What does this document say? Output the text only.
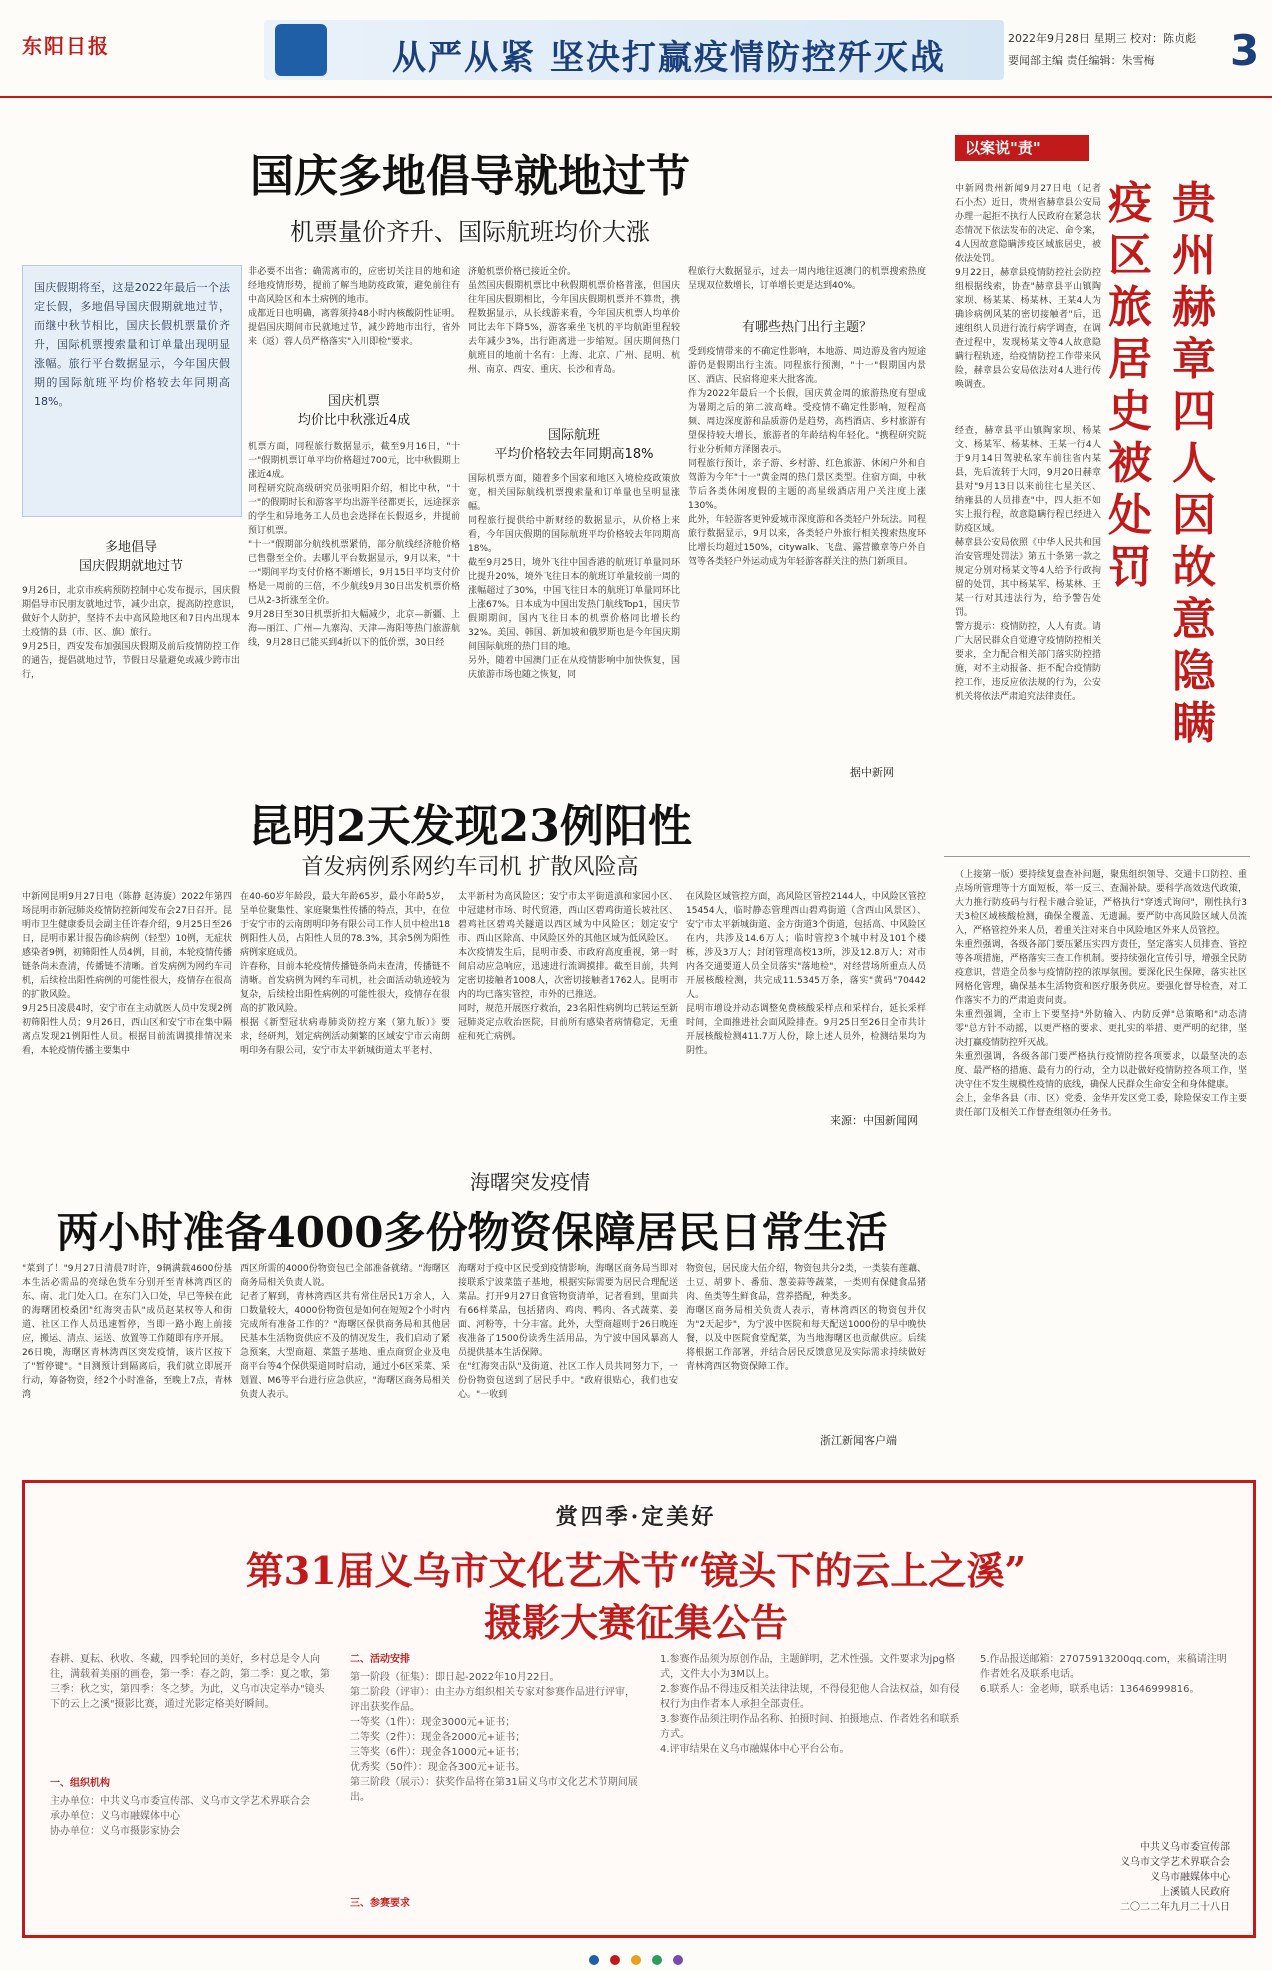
东阳日报	从严从紧 坚决打赢疫情防控歼灭战	2022年9月28日 星期三 校对：陈贞彪
要闻部主编 责任编辑：朱雪梅 3
国庆多地倡导就地过节
机票量价齐升、国际航班均价大涨
国庆假期将至，这是2022年最后一个法定长假，多地倡导国庆假期就地过节，而继中秋节相比，国庆长假机票量价齐升，国际机票搜索量和订单量出现明显涨幅。旅行平台数据显示，今年国庆假期的国际航班平均价格较去年同期高18%。
多地倡导
国庆假期就地过节
9月26日，北京市疾病预防控制中心发布提示，国庆假期倡导市民朋友就地过节，减少出京，提高防控意识，做好个人防护，坚持不去中高风险地区和7日内出现本土疫情的县（市、区、旗）旅行。
9月25日，西安发布加强国庆假期及前后疫情防控工作的通告，提倡就地过节，节假日尽量避免或减少跨市出行，
非必要不出省；确需离市的，应密切关注目的地和途经地疫情形势，提前了解当地防疫政策，避免前往有中高风险区和本土病例的地市。
成都近日也明确，离蓉须持48小时内核酸阴性证明。提倡国庆期间市民就地过节，减少跨地市出行，省外来（返）蓉人员严格落实"入川即检"要求。
国庆机票
均价比中秋涨近4成
机票方面，同程旅行数据显示，截至9月16日，"十一"假期机票订单平均价格超过700元，比中秋假期上涨近4成。
同程研究院高级研究员张明阳介绍，相比中秋，"十一"的假期时长和游客平均出游半径都更长，远途探亲的学生和异地务工人员也会选择在长假返乡，并提前预订机票。
"十一"假期部分航线机票紧俏，部分航线经济舱价格已售罄至全价。去哪儿平台数据显示，9月以来，"十一"期间平均支付价格不断增长，9月15日平均支付价格是一周前的三倍，不少航线9月30日出发机票价格已从2-3折涨至全价。
9月28日至30日机票折扣大幅减少，北京—新疆、上海—丽江、广州—九寨沟、天津—海阳等热门旅游航线，9月28日已能买到4折以下的低价票，30日经
济舱机票价格已接近全价。
虽然国庆假期机票比中秋假期机票价格普涨，但国庆往年国庆假期相比，今年国庆假期机票并不算贵，携程数据显示，从长线游来看，今年国庆机票人均单价同比去年下降5%，游客乘坐飞机的平均航距里程较去年减少3%，出行距离进一步缩短。国庆期间热门航班目的地前十名有：上海、北京、广州、昆明、杭州、南京、西安、重庆、长沙和青岛。
国际航班
平均价格较去年同期高18%
国际机票方面，随着多个国家和地区入境检疫政策放宽，相关国际航线机票搜索量和订单量也呈明显涨幅。
同程旅行提供给中新财经的数据显示，从价格上来看，今年国庆假期的国际航班平均价格较去年同期高18%。
截至9月25日，境外飞往中国香港的航班订单量同环比提升20%，境外飞往日本的航班订单量较前一周的涨幅超过了30%，中国飞往日本的航班订单量同环比上涨67%。日本成为中国出发热门航线Top1，国庆节假期期间，国内飞往日本的机票价格同比增长约32%。美国、韩国、新加坡和俄罗斯也是今年国庆期间国际航班的热门目的地。
另外，随着中国澳门正在从疫情影响中加快恢复，国庆旅游市场也随之恢复，同
程旅行大数据显示，过去一周内地往返澳门的机票搜索热度呈现双位数增长，订单增长更是达到40%。
有哪些热门出行主题？
受到疫情带来的不确定性影响，本地游、周边游及省内短途游仍是假期出行主流。同程旅行预测，"十一"假期国内景区、酒店、民宿将迎来大批客流。
作为2022年最后一个长假，国庆黄金周的旅游热度有望成为暑期之后的第二波高峰。受疫情不确定性影响，短程高频、周边深度游和品质游仍是趋势，高档酒店、乡村旅游有望保持较大增长，旅游者的年龄结构年轻化。"携程研究院行业分析师方泽图表示。
同程旅行预计，亲子游、乡村游、红色旅游、休闲户外和自驾游为今年"十一"黄金周的热门景区类型。住宿方面，中秋节后各类休闲度假的主题的高星级酒店用户关注度上涨130%。
此外，年轻游客更钟爱城市深度游和各类轻户外玩法。同程旅行数据显示，9月以来，各类轻户外旅行相关搜索热度环比增长均超过150%，citywalk、飞盘、露营徽章等户外自驾等各类轻户外运动成为年轻游客群关注的热门新项目。
据中新网
以案说"责"
贵州赫章四人因故意隐瞒
疫区旅居史被处罚
中新网贵州新闻9月27日电（记者 石小杰）近日，贵州省赫章县公安局办理一起拒不执行人民政府在紧急状态情况下依法发布的决定、命令案，4人因故意隐瞒涉疫区域旅居史，被依法处罚。
9月22日，赫章县疫情防控社会防控组根据线索，协查"赫章县平山镇陶家坝、杨某某、杨某林、王某4人为确诊病例风某的密切接触者"后，迅速组织人员进行流行病学调查，在调查过程中，发现杨某文等4人故意隐瞒行程轨迹，给疫情防控工作带来风险，赫章县公安局依法对4人进行传唤调查。
经查，赫章县平山镇陶家坝、杨某文、杨某军、杨某林、王某一行4人于9月14日驾驶私家车前往省内某县，先后流转于大同，9月20日赫章县对"9月13日以来前往七星关区、纳雍县的人员排查"中，四人拒不如实上报行程，故意隐瞒行程已经进入防疫区域。
赫章县公安局依照《中华人民共和国治安管理处罚法》第五十条第一款之规定分别对杨某文等4人给予行政拘留的处罚，其中杨某军、杨某林、王某一行对其违法行为，给予警告处罚。
警方提示：疫情防控，人人有责。请广大居民群众自觉遵守疫情防控相关要求，全力配合相关部门落实防控措施，对不主动报备、拒不配合疫情防控工作，违反应依法规的行为，公安机关将依法严肃追究法律责任。
昆明2天发现23例阳性
首发病例系网约车司机 扩散风险高
中新网昆明9月27日电（陈静 赵涛旋）2022年第四场昆明市新冠肺炎疫情防控新闻发布会27日召开。昆明市卫生健康委员会副主任许春介绍，9月25日至26日，昆明市累计报告确诊病例（轻型）10例，无症状感染者9例，初筛阳性人员4例，目前，本轮疫情传播链条尚未查清，传播链不清晰。首发病例为网约车司机，后续检出阳性病例的可能性很大，疫情存在很高的扩散风险。
9月25日凌晨4时，安宁市在主动就医人员中发现2例初筛阳性人员；9月26日，西山区和安宁市在集中隔离点发现21例阳性人员。根据目前流调摸排情况来看，本轮疫情传播主要集中
在40-60岁年龄段，最大年龄65岁，最小年龄5岁，呈单位聚集性、家庭聚集性传播的特点，其中，在位于安宁市的云南朗明印务有限公司工作人员中检出18例阳性人员，占阳性人员的78.3%，其余5例为阳性病例家庭成员。
许春称，目前本轮疫情传播链条尚未查清，传播链不清晰。首发病例为网约车司机，社会面活动轨迹较为复杂，后续检出阳性病例的可能性很大，疫情存在很高的扩散风险。
根据《新型冠状病毒肺炎防控方案（第九版）》要求，经研判，划定病例活动频繁的区域安宁市云南朗明印务有限公司，安宁市太平新城街道太平老村、
太平新村为高风险区；安宁市太平街道滇和家园小区、中冠建材市场、时代贸港，西山区碧鸡街道长坡社区、碧鸡社区碧鸡关隧道以西区域为中风险区；划定安宁市、西山区除高、中风险区外的其他区域为低风险区。
本次疫情发生后，昆明市委、市政府高度重视，第一时间启动应急响应，迅速进行流调摸排。截至目前，共判定密切接触者1008人，次密切接触者1762人。昆明市内的均已落实管控，市外的已推送。
同时，规范开展医疗救治，23名阳性病例均已转运至新冠肺炎定点收治医院，目前所有感染者病情稳定，无重症和死亡病例。
在风险区域管控方面，高风险区管控2144人，中风险区管控15454人，临时静态管理西山碧鸡街道（含西山风景区）、安宁市太平新城街道、金方街道3个街道，包括高、中风险区在内，共涉及14.6万人；临时管控3个城中村及101个楼栋，涉及3万人；封闭管理高校13所，涉及12.8万人；对市内各交通要道人员全员落实"落地检"，对经营场所重点人员开展核酸检测，共完成11.5345万条，落实"黄码"70442人。
昆明市增设并动态调整免费核酸采样点和采样台，延长采样时间，全面推进社会面风险排查。9月25日至26日全市共计开展核酸检测411.7万人份，除上述人员外，检测结果均为阴性。
来源：中国新闻网
海曙突发疫情
两小时准备4000多份物资保障居民日常生活
"菜到了！"9月27日清晨7时许，9辆满载4600份基本生活必需品的亮绿色货车分别开至青林湾西区的东、南、北门处入口。在东门入口处，早已等候在此的海曙团校桑团"红海突击队"成员赵某权等人和街道、社区工作人员迅速暂停，当即一路小跑上前接应，搬运、清点、运送、放置等工作随即有序开展。
26日晚，海曙区青林湾西区突发疫情，该片区按下了"暂停键"。"目测预计到隔离后，我们就立即展开行动，筹备物资，经2个小时准备，至晚上7点，青林湾
西区所需的4000份物资包已全部准备就绪。"海曙区商务局相关负责人说。
记者了解到，青林湾西区共有常住居民1万余人，入口数量较大，4000份物资包是如何在短短2个小时内完成所有准备工作的？"海曙区保供商务局和其他居民基本生活物资供应不及的情况发生，我们启动了紧急预案，大型商超、菜篮子基地、重点商贸企业及电商平台等4个保供渠道同时启动，通过小6区采菜、采划置、M6等平台进行应急供应，"海曙区商务局相关负责人表示。
海曙对于疫中区民受到疫情影响，海曙区商务局当即对接联系宁波菜篮子基地，根据实际需要为居民合理配送菜品。打开9月27日食管物资清单，记者看到，里面共有66样菜品，包括猪肉、鸡肉、鸭肉、各式蔬菜、姜面、河粉等，十分丰富。此外，大型商超则于26日晚连夜准备了1500份读秀生活用品，为宁波中国风暴高人员提供基本生活保障。
在"红海突击队"及街道、社区工作人员共同努力下，一份份物资包送到了居民手中。"政府很贴心，我们也安心。"一收到
物资包，居民庞大伍介绍，物资包共分2类，一类装有莲藕、土豆、胡萝卜、番茄、葱姜蒜等蔬菜，一类则有保健食品猪肉、鱼类等生鲜食品，营养搭配，种类多。
海曙区商务局相关负责人表示，青林湾西区的物资包并仅为"2天起步"，为宁波中医院和每天配送1000份的早中晚快餐，以及中医院食堂配菜，为当地海曙区也贡献供应。后续将根据工作部署，并结合居民反馈意见及实际需求持续做好青林湾西区物资保障工作。
浙江新闻客户端
（上接第一版）要持续复盘查补问题，聚焦组织领导、交通卡口防控、重点场所管理等十方面短板，举一反三、查漏补缺。要科学高效迭代政策，大力推行防疫码与行程卡融合验证，严格执行"穿透式询问"，刚性执行3天3检区域核酸检测，确保全覆盖、无遗漏。要严防中高风险区域人员流入，严格管控外来人员，着重关注对来自中风险地区外来人员管控。
朱重烈强调，各级各部门要压紧压实四方责任，坚定落实人员排查、管控等各项措施，严格落实三查工作机制。要持续强化宣传引导，增强全民防疫意识，营造全员参与疫情防控的浓厚氛围。要深化民生保障，落实社区网格化管理，确保基本生活物资和医疗服务供应。要强化督导检查，对工作落实不力的严肃追责问责。
朱重烈强调，全市上下要坚持"外防输入、内防反弹"总策略和"动态清零"总方针不动摇，以更严格的要求、更扎实的举措、更严明的纪律，坚决打赢疫情防控歼灭战。
朱重烈强调，各级各部门要严格执行疫情防控各项要求，以最坚决的态度、最严格的措施、最有力的行动，全力以赴做好疫情防控各项工作，坚决守住不发生规模性疫情的底线，确保人民群众生命安全和身体健康。
会上，金华各县（市、区）党委、金华开发区党工委，除险保安工作主要责任部门及相关工作督查组领办任务书。
赏四季·定美好
第31届义乌市文化艺术节“镜头下的云上之溪”
摄影大赛征集公告
春耕、夏耘、秋收、冬藏，四季轮回的美好，乡村总是令人向往，满载着美丽的画卷，第一季：春之韵，第二季：夏之歌，第三季：秋之实，第四季：冬之梦。为此，义乌市决定举办"镜头下的云上之溪"摄影比赛，通过光影定格美好瞬间。
一、组织机构
主办单位：中共义乌市委宣传部、义乌市文学艺术界联合会
承办单位：义乌市融媒体中心
协办单位：义乌市摄影家协会
二、活动安排
第一阶段（征集）：即日起-2022年10月22日。
第二阶段（评审）：由主办方组织相关专家对参赛作品进行评审，评出获奖作品。
一等奖（1件）：现金3000元+证书；
二等奖（2件）：现金各2000元+证书；
三等奖（6件）：现金各1000元+证书；
优秀奖（50件）：现金各300元+证书。
第三阶段（展示）：获奖作品将在第31届义乌市文化艺术节期间展出。
三、参赛要求
1.参赛作品须为原创作品，主题鲜明，艺术性强。文件要求为jpg格式，文件大小为3M以上。
2.参赛作品不得违反相关法律法规，不得侵犯他人合法权益，如有侵权行为由作者本人承担全部责任。
3.参赛作品须注明作品名称、拍摄时间、拍摄地点、作者姓名和联系方式。
4.评审结果在义乌市融媒体中心平台公布。
5.作品报送邮箱：27075913200qq.com，来稿请注明作者姓名及联系电话。
6.联系人：金老师，联系电话：13646999816。
中共义乌市委宣传部
义乌市文学艺术界联合会
义乌市融媒体中心
上溪镇人民政府
二〇二二年九月二十八日
